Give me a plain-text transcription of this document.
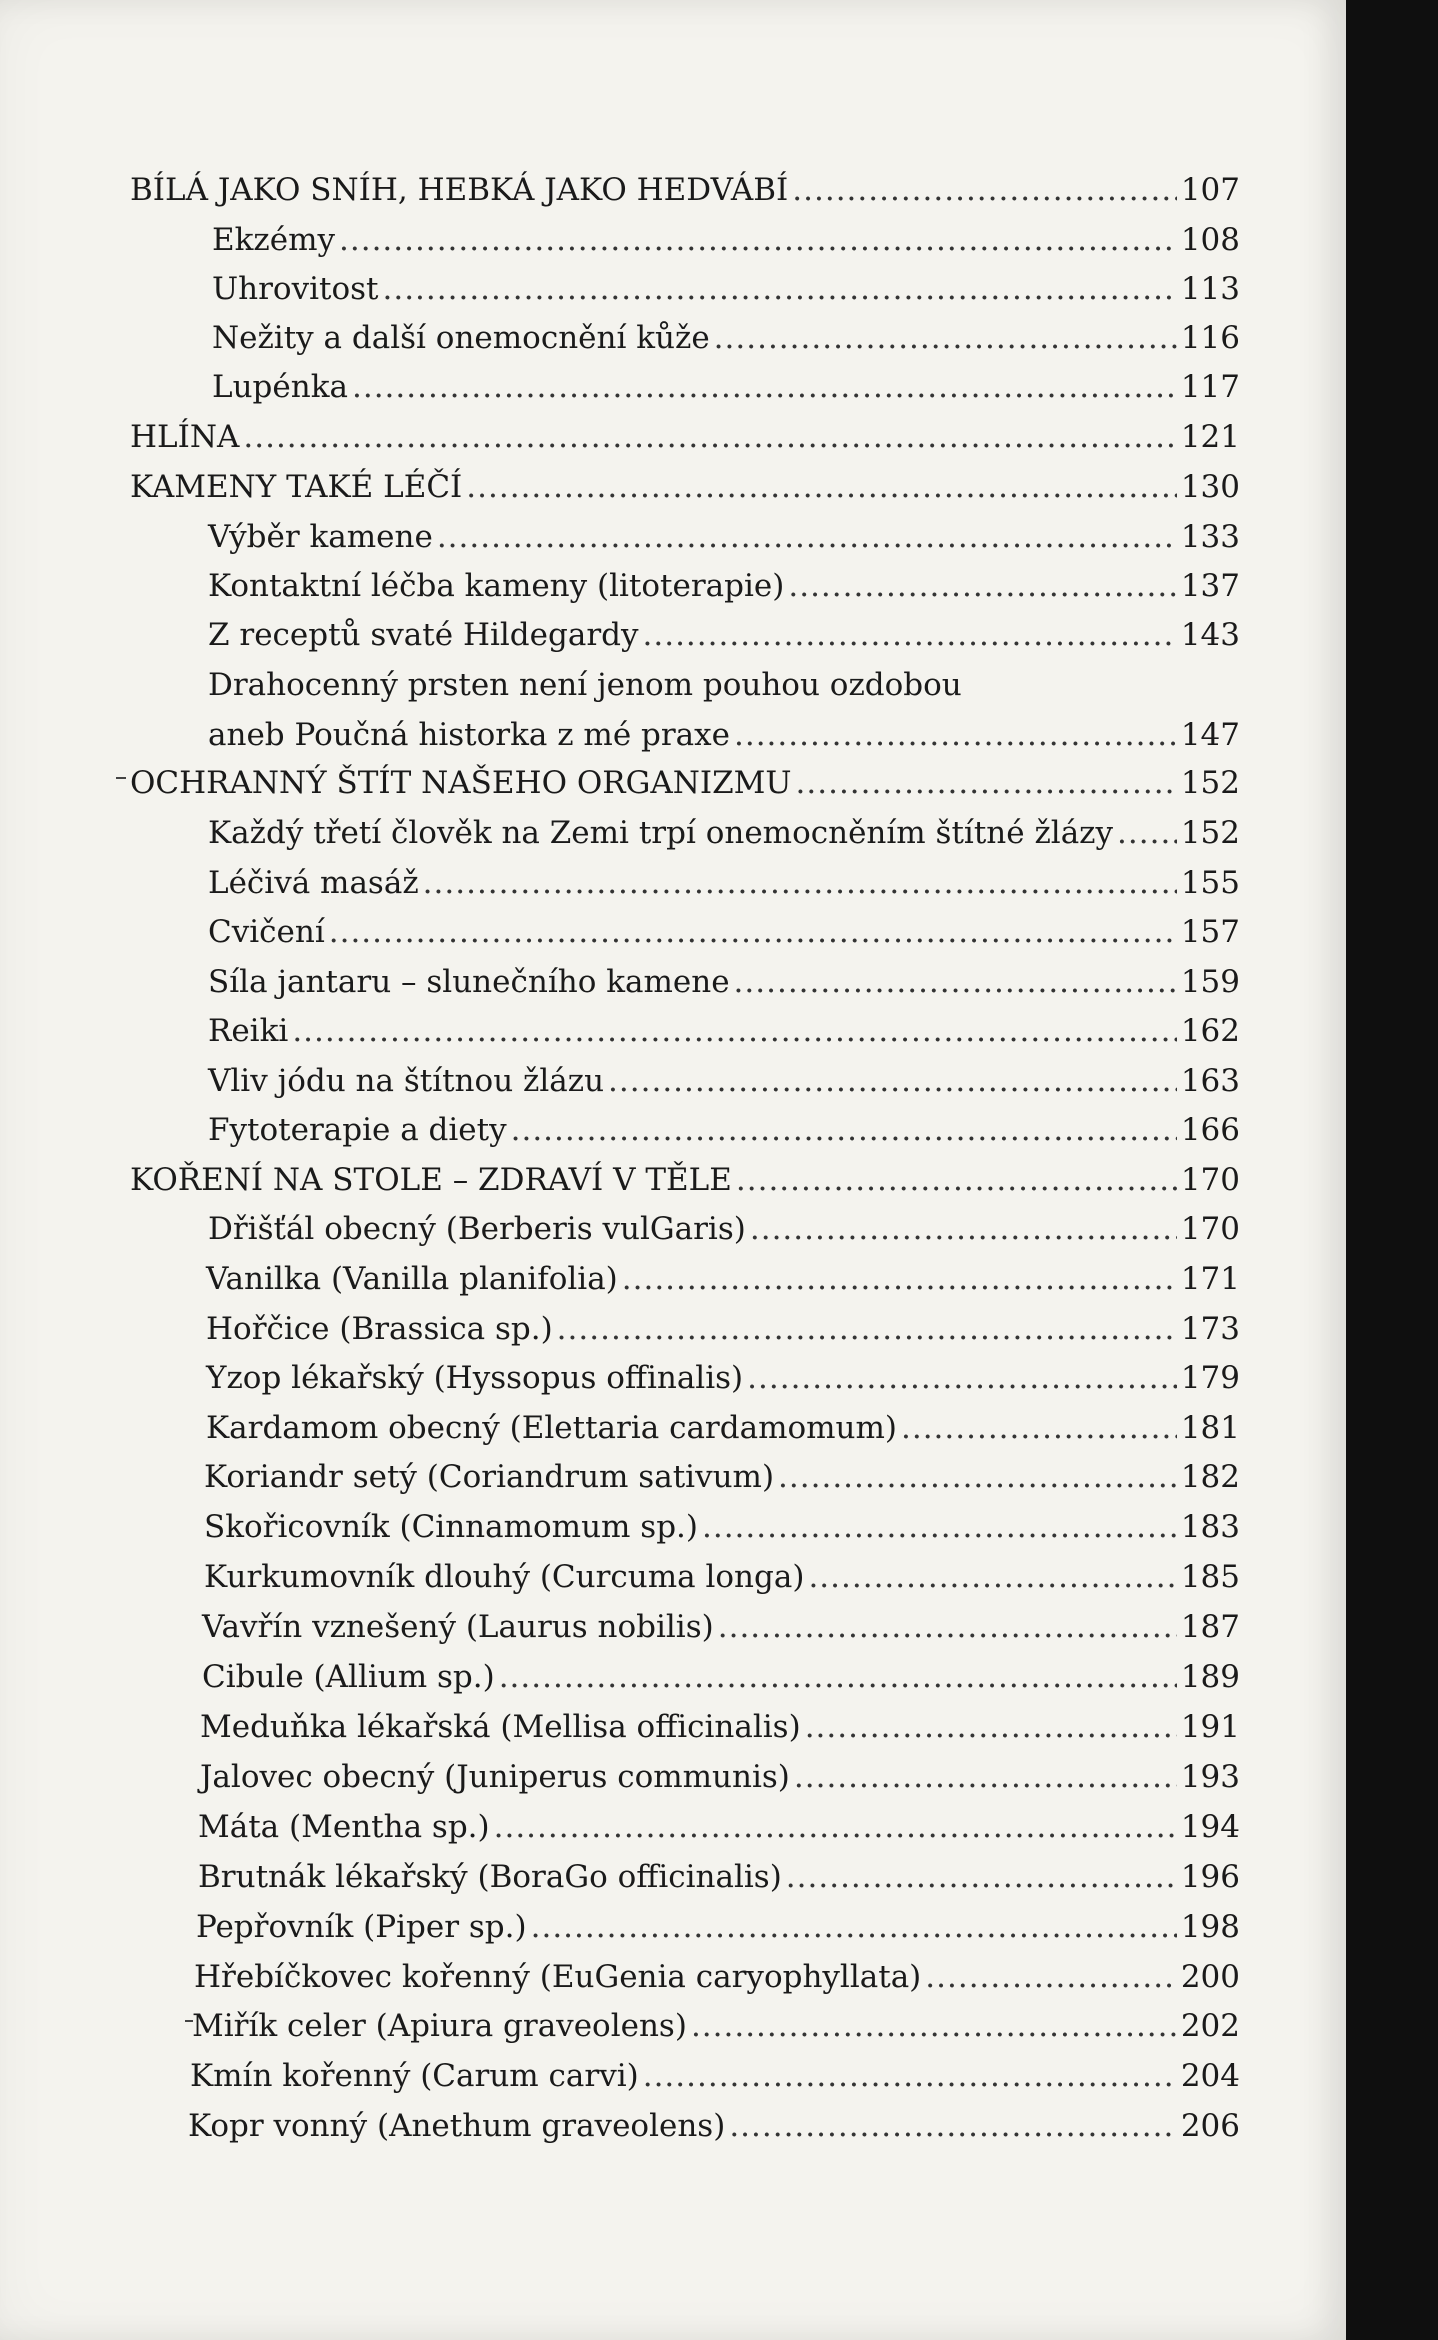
BÍLÁ JAKO SNÍH, HEBKÁ JAKO HEDVÁBÍ .....	107
Ekzémy .....	108
Uhrovitost .....	113
Nežity a další onemocnění kůže .....	116
Lupénka .....	117
HLÍNA .....	121
KAMENY TAKÉ LÉČÍ .....	130
Výběr kamene .....	133
Kontaktní léčba kameny (litoterapie) .....	137
Z receptů svaté Hildegardy .....	143
Drahocenný prsten není jenom pouhou ozdobou
aneb Poučná historka z mé praxe .....	147
OCHRANNÝ ŠTÍT NAŠEHO ORGANIZMU .....	152
Každý třetí člověk na Zemi trpí onemocněním štítné žlázy ..... 152
Léčivá masáž .....	155
Cvičení .....	157
Síla jantaru – slunečního kamene .....	159
Reiki .....	162
Vliv jódu na štítnou žlázu .....	163
Fytoterapie a diety .....	166
KOŘENÍ NA STOLE – ZDRAVÍ V TĚLE .....	170
Dřišťál obecný (Berberis vulGaris) .....	170
Vanilka (Vanilla planifolia) .....	171
Hořčice (Brassica sp.) .....	173
Yzop lékařský (Hyssopus offinalis) .....	179
Kardamom obecný (Elettaria cardamomum) .....	181
Koriandr setý (Coriandrum sativum) .....	182
Skořicovník (Cinnamomum sp.) .....	183
Kurkumovník dlouhý (Curcuma longa) .....	185
Vavřín vznešený (Laurus nobilis) .....	187
Cibule (Allium sp.) .....	189
Meduňka lékařská (Mellisa officinalis) .....	191
Jalovec obecný (Juniperus communis) .....	193
Máta (Mentha sp.) .....	194
Brutnák lékařský (BoraGo officinalis) .....	196
Pepřovník (Piper sp.) .....	198
Hřebíčkovec kořenný (EuGenia caryophyllata) .....	200
Miřík celer (Apiura graveolens) .....	202
Kmín kořenný (Carum carvi) .....	204
Kopr vonný (Anethum graveolens) .....	206
